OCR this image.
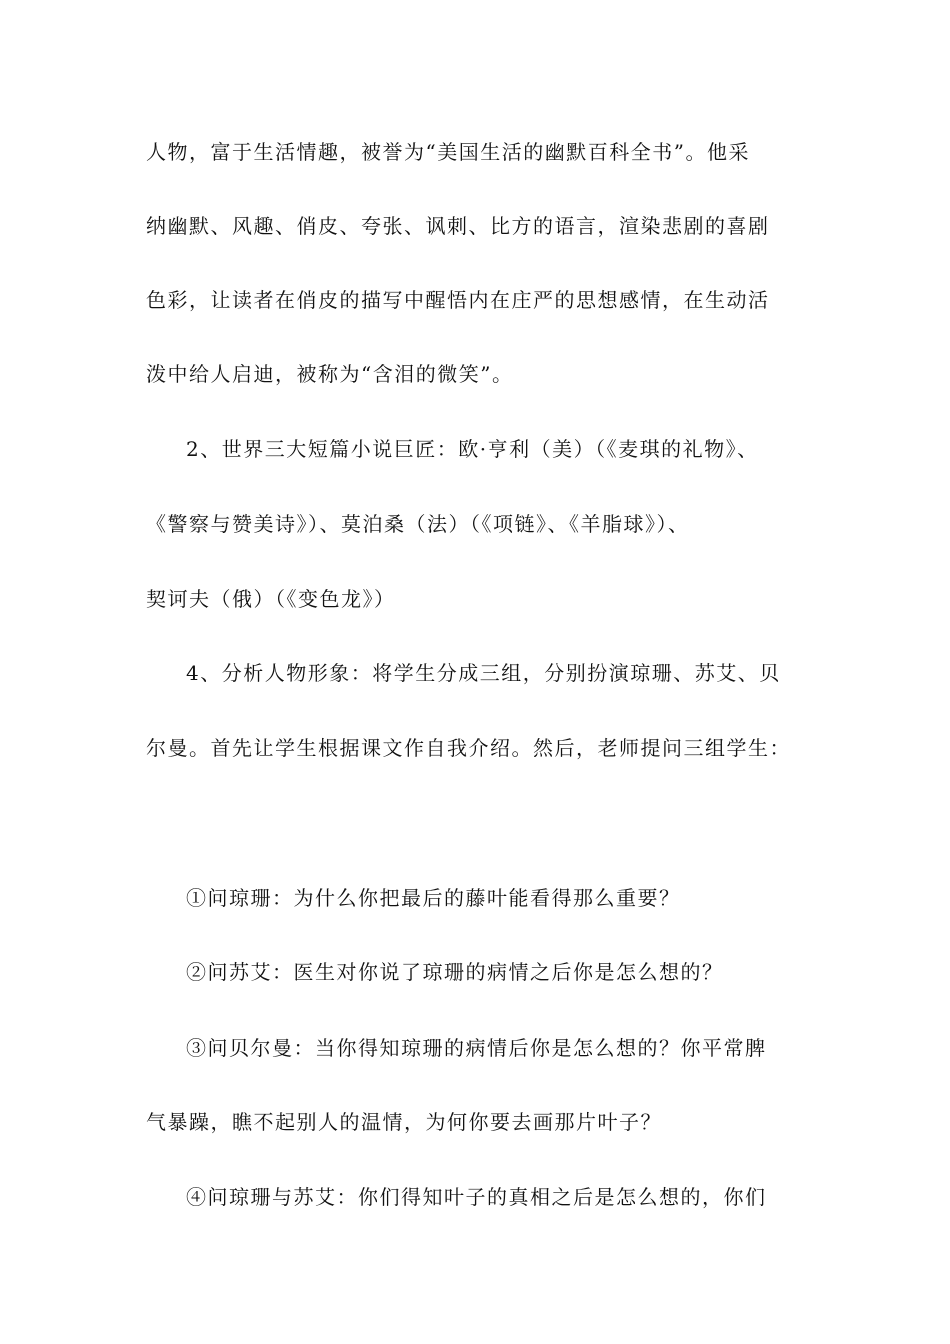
人物，富于生活情趣，被誉为“美国生活的幽默百科全书”。他采
纳幽默、风趣、俏皮、夸张、讽刺、比方的语言，渲染悲剧的喜剧
色彩，让读者在俏皮的描写中醒悟内在庄严的思想感情，在生动活
泼中给人启迪，被称为“含泪的微笑”。
2、世界三大短篇小说巨匠：欧·亨利（美）（《麦琪的礼物》、
《警察与赞美诗》）、莫泊桑（法）（《项链》、《羊脂球》）、
契诃夫（俄）（《变色龙》）
4、分析人物形象：将学生分成三组，分别扮演琼珊、苏艾、贝
尔曼。首先让学生根据课文作自我介绍。然后，老师提问三组学生：
①问琼珊：为什么你把最后的藤叶能看得那么重要？
②问苏艾：医生对你说了琼珊的病情之后你是怎么想的？
③问贝尔曼：当你得知琼珊的病情后你是怎么想的？你平常脾
气暴躁，瞧不起别人的温情，为何你要去画那片叶子？
④问琼珊与苏艾：你们得知叶子的真相之后是怎么想的，你们
